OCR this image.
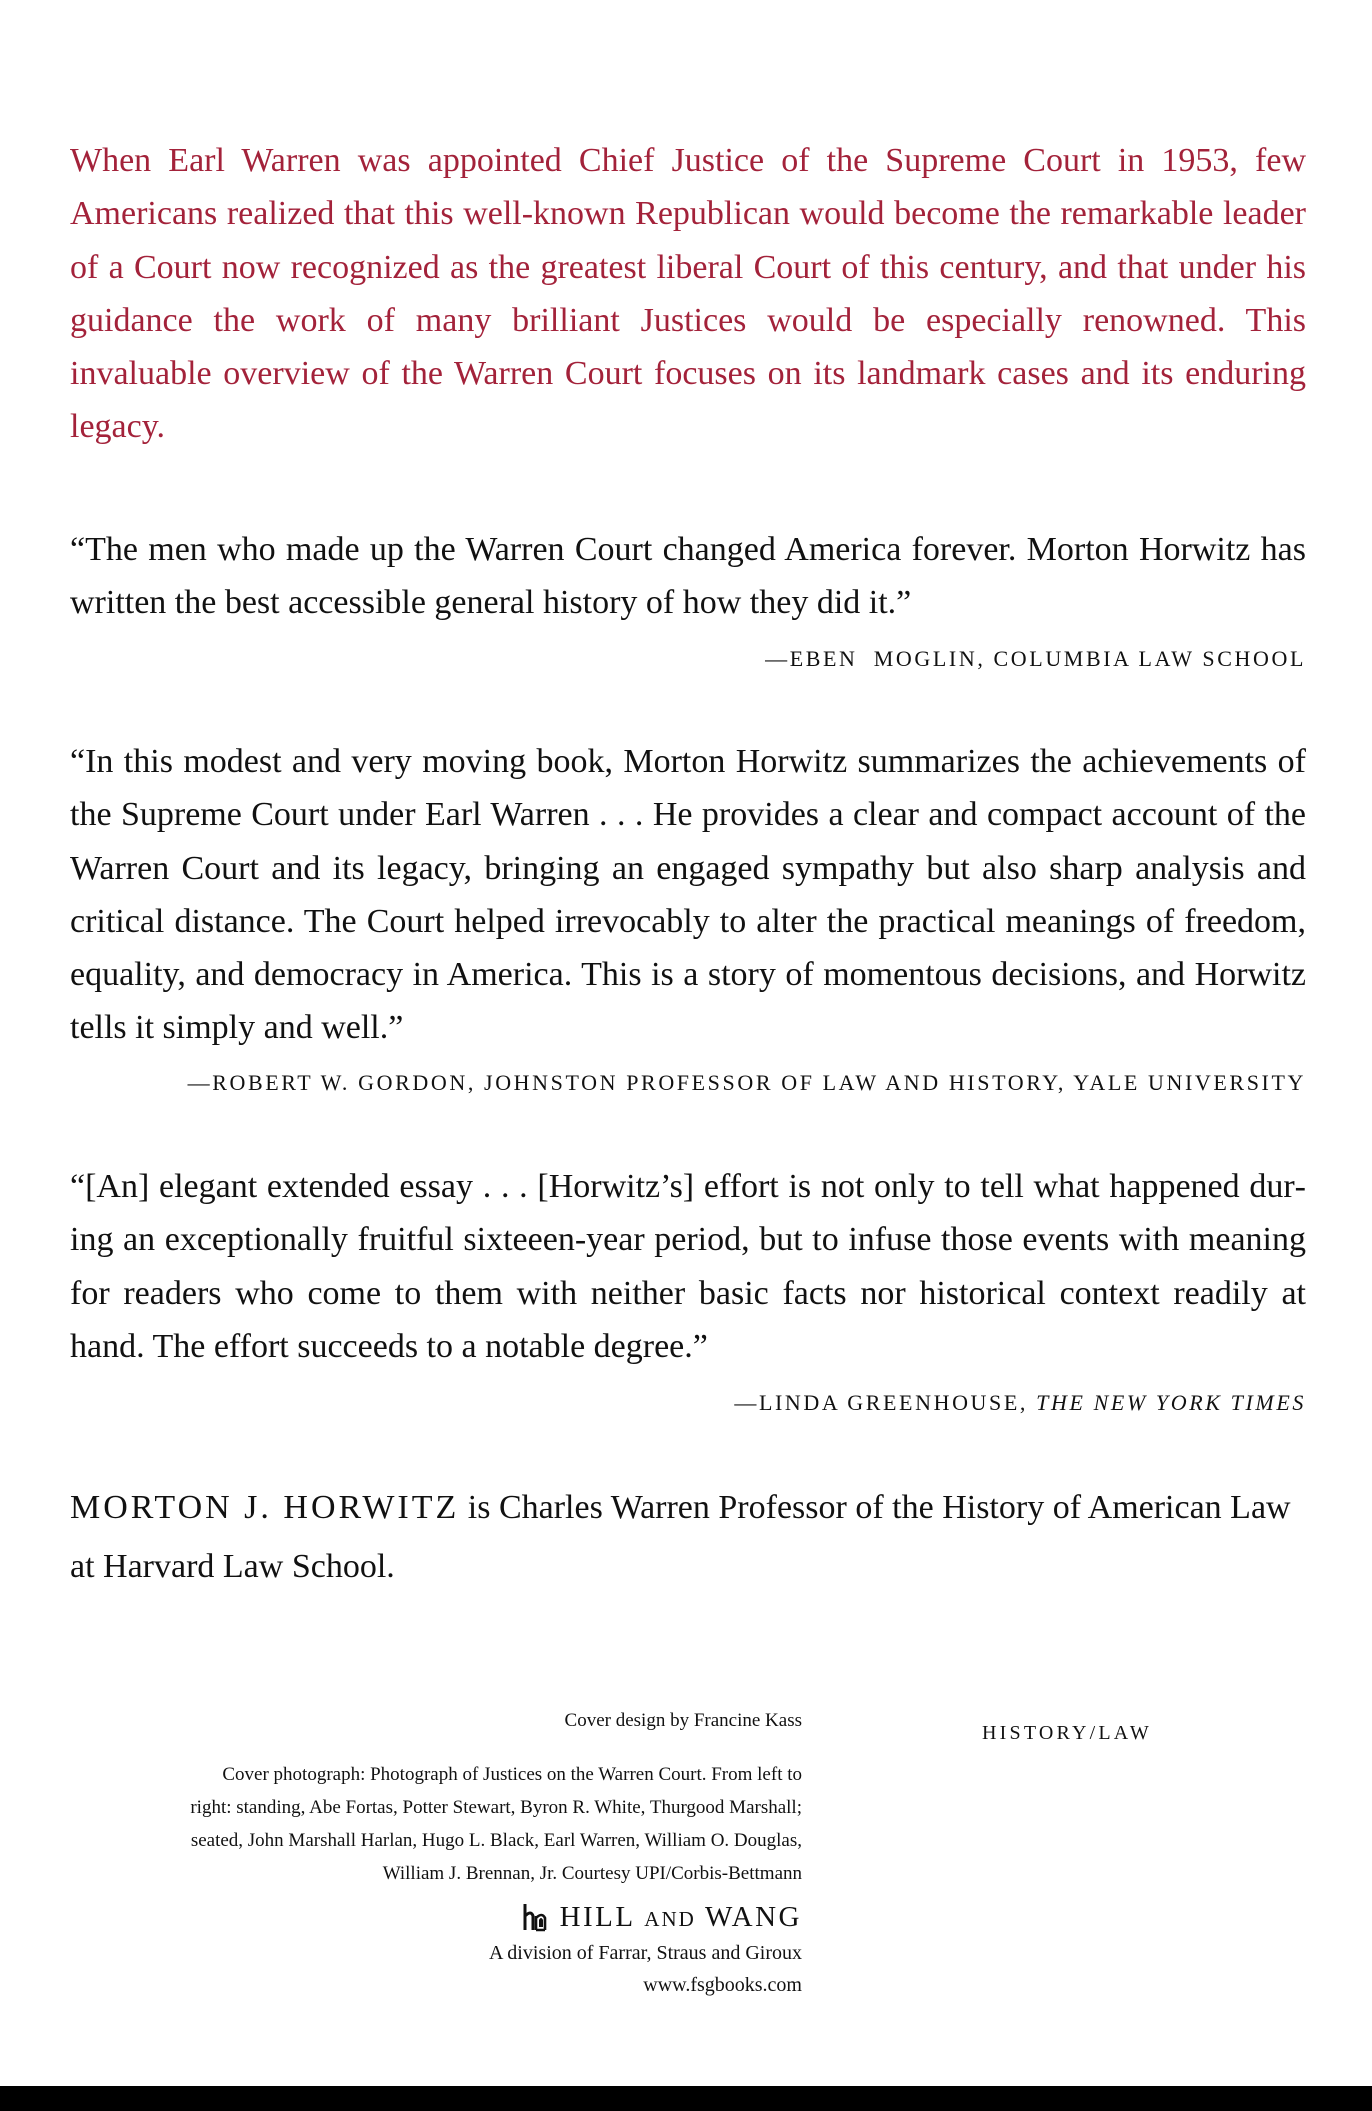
When Earl Warren was appointed Chief Justice of the Supreme Court in 1953, few Americans realized that this well-known Republican would become the remarkable leader of a Court now recognized as the greatest liberal Court of this century, and that under his guidance the work of many brilliant Justices would be especially renowned. This invaluable overview of the Warren Court focuses on its landmark cases and its enduring legacy.

“The men who made up the Warren Court changed America forever. Morton Horwitz has written the best accessible general history of how they did it.”

—EBEN  MOGLIN, COLUMBIA LAW SCHOOL

“In this modest and very moving book, Morton Horwitz summarizes the achievements of the Supreme Court under Earl Warren . . . He provides a clear and compact account of the Warren Court and its legacy, bringing an engaged sympathy but also sharp analysis and critical distance. The Court helped irrevocably to alter the practical meanings of freedom, equality, and democracy in America. This is a story of momentous decisions, and Horwitz tells it simply and well.”

—ROBERT W. GORDON, JOHNSTON PROFESSOR OF LAW AND HISTORY, YALE UNIVERSITY

“[An] elegant extended essay . . . [Horwitz’s] effort is not only to tell what happened during an exceptionally fruitful sixteeen-year period, but to infuse those events with meaning for readers who come to them with neither basic facts nor historical context readily at hand. The effort succeeds to a notable degree.”

—LINDA GREENHOUSE, THE NEW YORK TIMES

MORTON J. HORWITZ is Charles Warren Professor of the History of American Law at Harvard Law School.

Cover design by Francine Kass
Cover photograph: Photograph of Justices on the Warren Court. From left to
right: standing, Abe Fortas, Potter Stewart, Byron R. White, Thurgood Marshall;
seated, John Marshall Harlan, Hugo L. Black, Earl Warren, William O. Douglas,
William J. Brennan, Jr. Courtesy UPI/Corbis-Bettmann
HISTORY/LAW
HILL AND WANG
A division of Farrar, Straus and Giroux
www.fsgbooks.com
